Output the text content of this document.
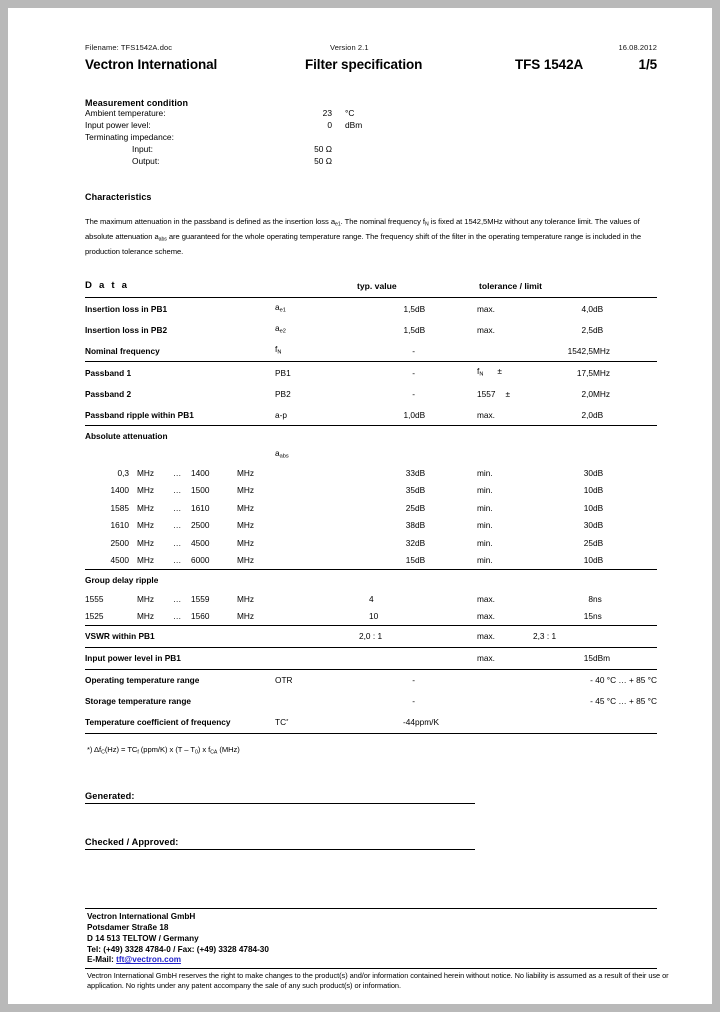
Filename: TFS1542A.doc	Version 2.1	16.08.2012
Vectron International	Filter specification	TFS 1542A	1/5
Measurement condition
Ambient temperature:	23	°C
Input power level:	0	dBm
Terminating impedance:		
Input:	50 Ω	
Output:	50 Ω	
Characteristics

The maximum attenuation in the passband is defined as the insertion loss $a_{e1}$. The nominal frequency $f_N$ is fixed at 1542,5MHz without any tolerance limit. The values of absolute attenuation $a_{abs}$ are guaranteed for the whole operating temperature range. The frequency shift of the filter in the operating temperature range is included in the production tolerance scheme.

D a t a		typ. value		tolerance / limit		
Insertion loss in PB1	$a_{e1}$	1,5	dB	max.	4,0	dB
Insertion loss in PB2	$a_{e2}$	1,5	dB	max.	2,5	dB
Nominal frequency	$f_N$	-			1542,5	MHz
Passband 1	PB1	-		$f_N$ ±	17,5	MHz
Passband 2	PB2	-		1557 ±	2,0	MHz
Passband ripple within PB1	a-p	1,0	dB	max.	2,0	dB
Absolute attenuation						
	$a_{abs}$					
0,3 MHz … 1400 MHz		33	dB	min.	30	dB
1400 MHz … 1500 MHz		35	dB	min.	10	dB
1585 MHz … 1610 MHz		25	dB	min.	10	dB
1610 MHz … 2500 MHz		38	dB	min.	30	dB
2500 MHz … 4500 MHz		32	dB	min.	25	dB
4500 MHz … 6000 MHz		15	dB	min.	10	dB
Group delay ripple						
1555 MHz … 1559 MHz		4		max.	8	ns
1525 MHz … 1560 MHz		10		max.	15	ns
VSWR within PB1		2,0 : 1		max.	2,3 : 1	
Input power level in PB1				max.	15	dBm
Operating temperature range	OTR	-		- 40 °C … + 85 °C		
Storage temperature range		-		- 45 °C … + 85 °C		
Temperature coefficient of frequency	TC*	-44	ppm/K			

*) $\Delta f_C(Hz) = TC_f$ (ppm/K) x $(T - T_0)$ x $f_{CA}$ (MHz)
Generated:
Checked / Approved:
Vectron International GmbH
Potsdamer Straße 18
D 14 513 TELTOW / Germany
Tel: (+49) 3328 4784-0 / Fax: (+49) 3328 4784-30
E-Mail: tft@vectron.com
Vectron International GmbH reserves the right to make changes to the product(s) and/or information contained herein without notice. No liability is assumed as a result of their use or application. No rights under any patent accompany the sale of any such product(s) or information.
